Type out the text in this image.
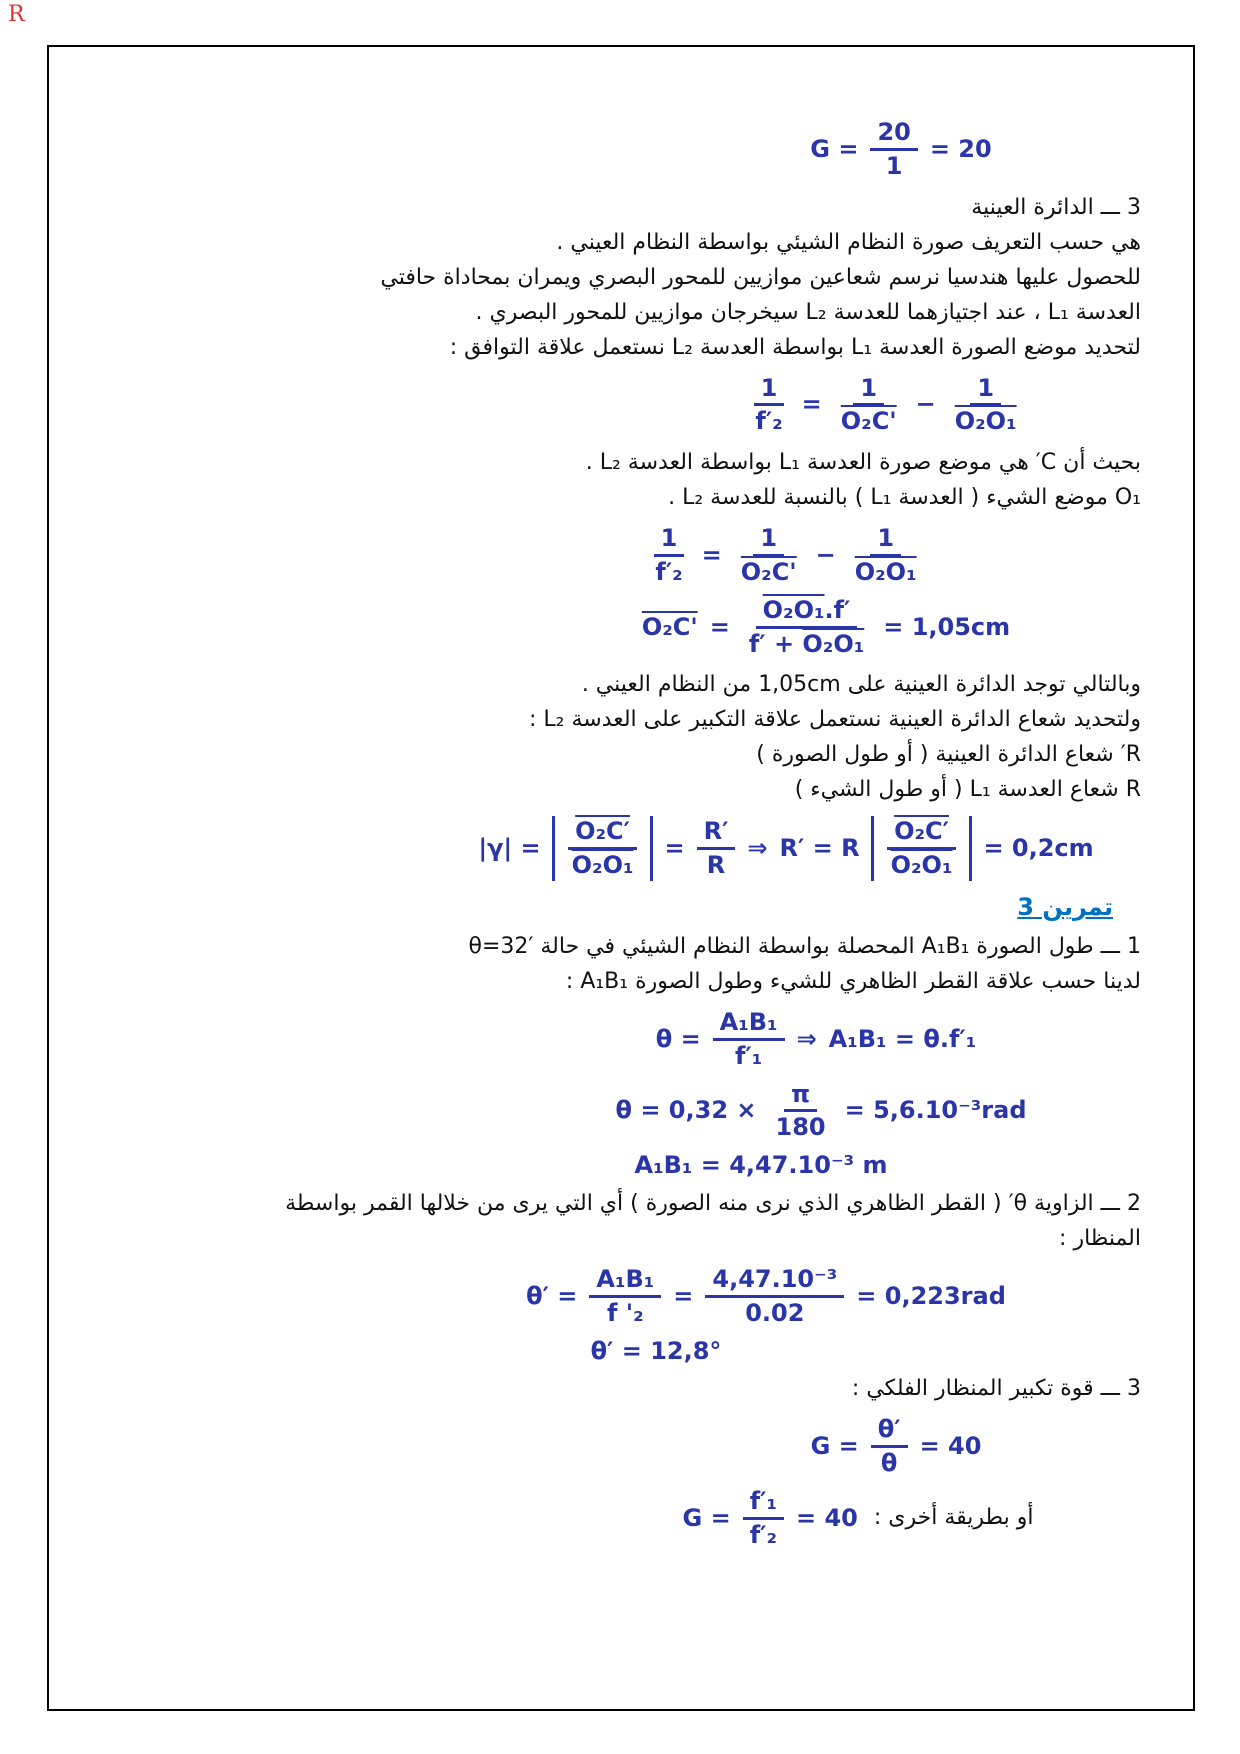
R
$G = \frac{20}{1} = 20$

3 ـــ الدائرة العينية

هي حسب التعريف صورة النظام الشيئي بواسطة النظام العيني .

للحصول عليها هندسيا نرسم شعاعين موازيين للمحور البصري ويمران بمحاداة حافتي

العدسة L₁ ، عند اجتيازهما للعدسة L₂ سيخرجان موازيين للمحور البصري .

لتحديد موضع الصورة العدسة L₁ بواسطة العدسة L₂ نستعمل علاقة التوافق :

$\frac{1}{\text{f′₂}} = \frac{1}{\text{O₂C'}} - \frac{1}{\text{O₂O₁}}$

بحيث أن C′ هي موضع صورة العدسة L₁ بواسطة العدسة L₂ .

O₁ موضع الشيء ( العدسة L₁ ) بالنسبة للعدسة L₂ .

$\frac{1}{\text{f′₂}} = \frac{1}{\text{O₂C'}} - \frac{1}{\text{O₂O₁}}$
$O_2C' = \frac{\text{O₂O₁ .f′}}{\text{f′ + O₂O₁}} = 1,05cm$

وبالتالي توجد الدائرة العينية على 1,05cm من النظام العيني .

ولتحديد شعاع الدائرة العينية نستعمل علاقة التكبير على العدسة L₂ :

R′ شعاع الدائرة العينية ( أو طول الصورة )

R شعاع العدسة L₁ ( أو طول الشيء )

$|\gamma| = \frac{\text{O₂C′}}{\text{O₂O₁}} = \frac{R'}{R}$ ⇒ R′ = R $\frac{\text{O₂C′}}{\text{O₂O₁}} = 0,2cm$

تمرين 3

1 ـــ طول الصورة A₁B₁ المحصلة بواسطة النظام الشيئي في حالة θ=32′

لدينا حسب علاقة القطر الظاهري للشيء وطول الصورة A₁B₁ :

$\theta = \frac{\text{A₁B₁}}{\text{f′₁}}$ ⇒ A₁B₁ = θ.f′₁
$\theta = 0,32 \times \frac{\pi}{180} = 5,6.10^{-3}rad$
A₁B₁ = 4,47.10⁻³ m

2 ـــ الزاوية θ′ ( القطر الظاهري الذي نرى منه الصورة ) أي التي يرى من خلالها القمر بواسطة

المنظار :

$\theta' = \frac{\text{A₁B₁}}{\text{f '₂}} = \frac{\text{4,47.10⁻³}}{0.02} = 0,223rad$
θ′ = 12,8°

3 ـــ قوة تكبير المنظار الفلكي :

$G = \frac{\theta'}{\theta} = 40$
$G = \frac{\text{f′₁}}{\text{f′₂}} = 40$ أو بطريقة أخرى :
